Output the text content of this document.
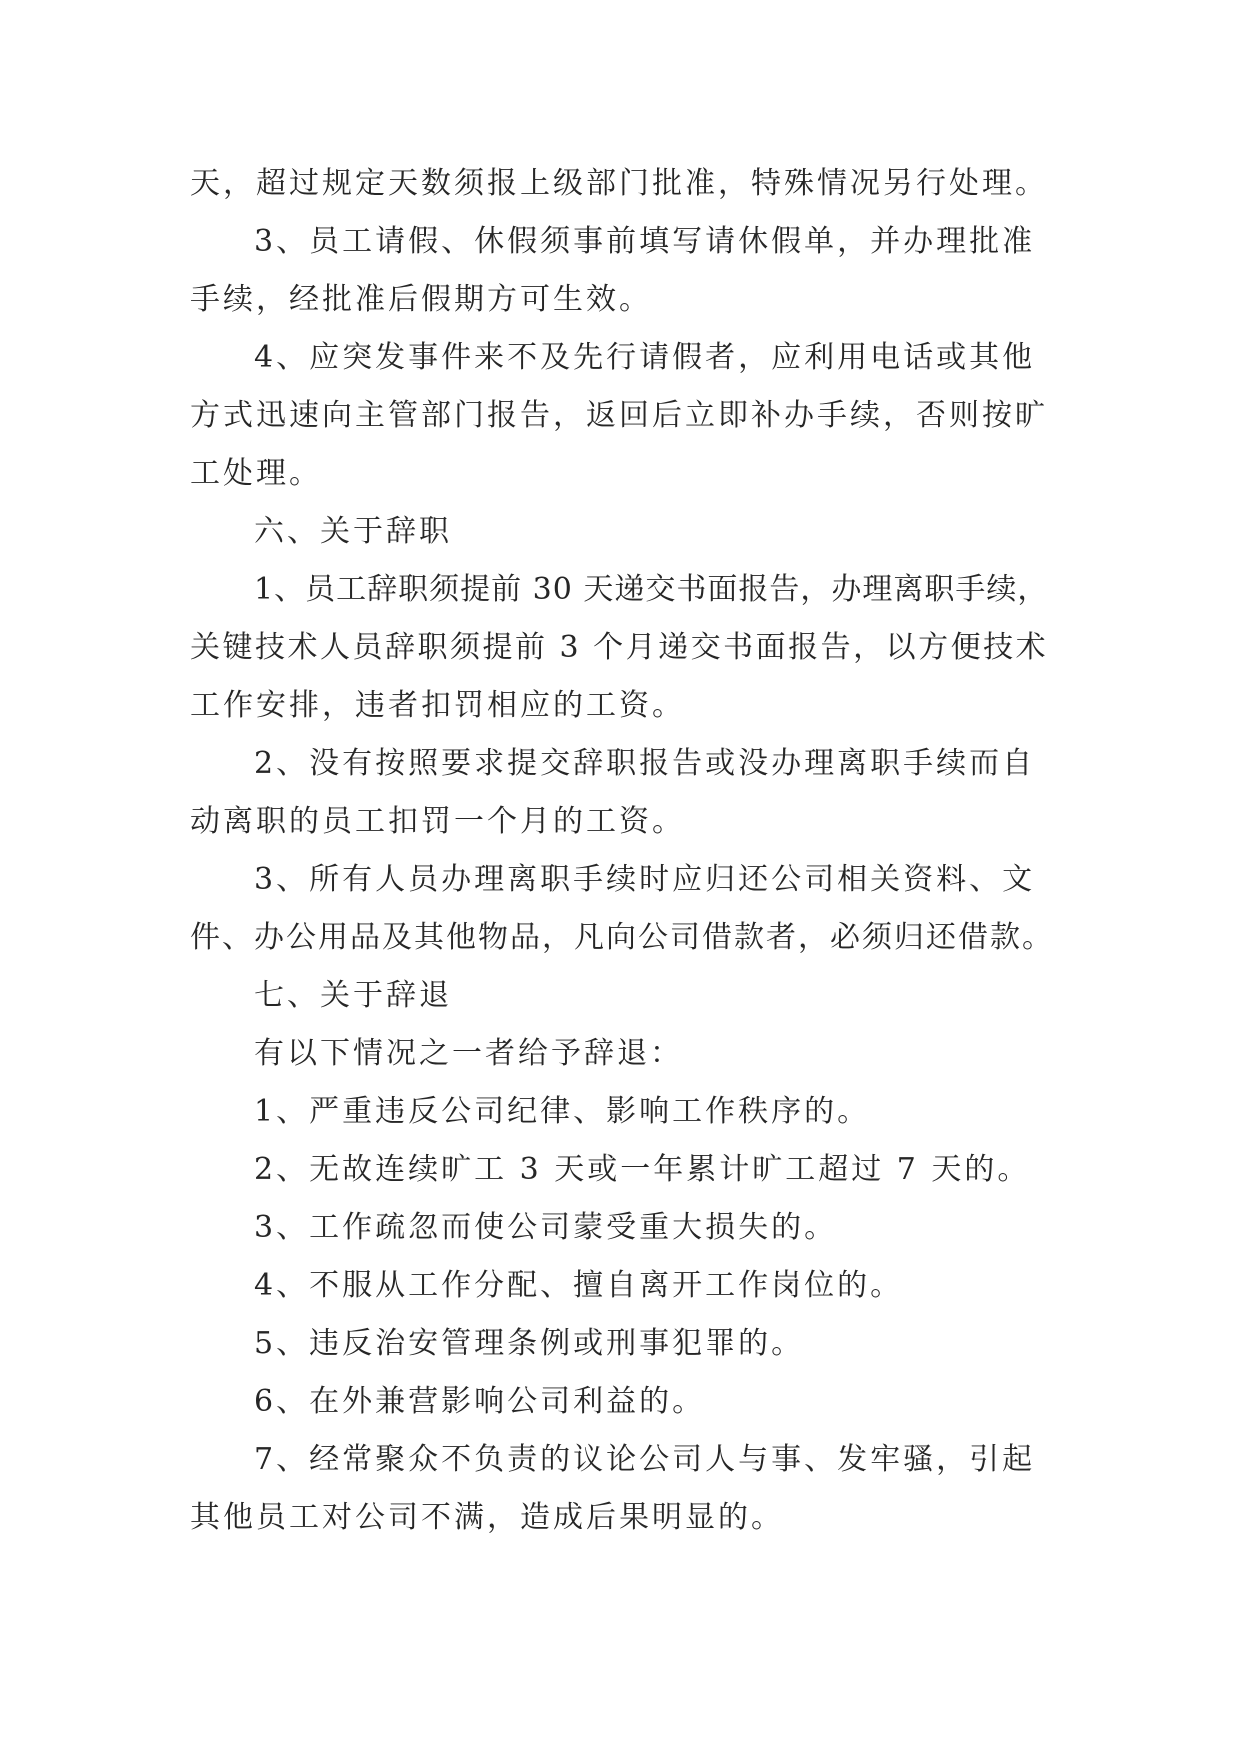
天，超过规定天数须报上级部门批准，特殊情况另行处理。
3、员工请假、休假须事前填写请休假单，并办理批准
手续，经批准后假期方可生效。
4、应突发事件来不及先行请假者，应利用电话或其他
方式迅速向主管部门报告，返回后立即补办手续，否则按旷
工处理。
六、关于辞职
1、员工辞职须提前 30 天递交书面报告，办理离职手续，
关键技术人员辞职须提前 3 个月递交书面报告，以方便技术
工作安排，违者扣罚相应的工资。
2、没有按照要求提交辞职报告或没办理离职手续而自
动离职的员工扣罚一个月的工资。
3、所有人员办理离职手续时应归还公司相关资料、文
件、办公用品及其他物品，凡向公司借款者，必须归还借款。
七、关于辞退
有以下情况之一者给予辞退：
1、严重违反公司纪律、影响工作秩序的。
2、无故连续旷工 3 天或一年累计旷工超过 7 天的。
3、工作疏忽而使公司蒙受重大损失的。
4、不服从工作分配、擅自离开工作岗位的。
5、违反治安管理条例或刑事犯罪的。
6、在外兼营影响公司利益的。
7、经常聚众不负责的议论公司人与事、发牢骚，引起
其他员工对公司不满，造成后果明显的。
